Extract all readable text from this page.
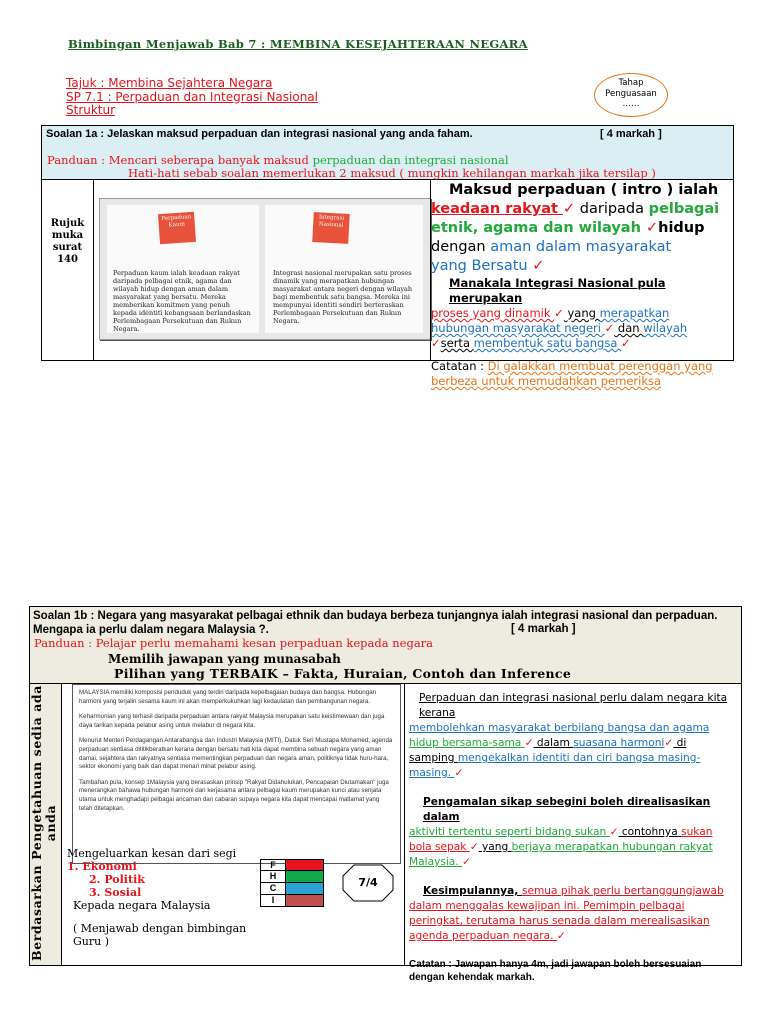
Bimbingan Menjawab Bab 7 : MEMBINA KESEJAHTERAAN NEGARA
Tajuk : Membina Sejahtera Negara
SP 7.1 : Perpaduan dan Integrasi Nasional
Struktur
Tahap
Penguasaan
……
Soalan 1a : Jelaskan maksud perpaduan dan integrasi nasional yang anda faham.	[ 4 markah ]
Panduan : Mencari seberapa banyak maksud perpaduan dan integrasi nasional
Hati-hati sebab soalan memerlukan 2 maksud ( mungkin kehilangan markah jika tersilap )
Rujuk muka surat 140
Perpaduan
Kaum
Perpaduan kaum ialah keadaan rakyat daripada pelbagai etnik, agama dan wilayah hidup dengan aman dalam masyarakat yang bersatu. Mereka memberikan komitmen yang penuh kepada identiti kebangsaan berlandaskan Perlembagaan Persekutuan dan Rukun Negara.
Integrasi
Nasional
Integrasi nasional merupakan satu proses dinamik yang merapatkan hubungan masyarakat antara negeri dengan wilayah bagi membentuk satu bangsa. Mereka ini mempunyai identiti sendiri berteraskan Perlembagaan Persekutuan dan Rukun Negara.
Maksud perpaduan ( intro ) ialah
keadaan rakyat ✓ daripada pelbagai
etnik, agama dan wilayah ✓hidup
dengan aman dalam masyarakat
yang Bersatu ✓
Manakala Integrasi Nasional pula merupakan
proses yang dinamik ✓ yang merapatkan
hubungan masyarakat negeri ✓ dan wilayah
✓serta membentuk satu bangsa ✓
Catatan : Di galakkan membuat perenggan yang
berbeza untuk memudahkan pemeriksa
Soalan 1b : Negara yang masyarakat pelbagai ethnik dan budaya berbeza tunjangnya ialah integrasi nasional dan perpaduan.
Mengapa ia perlu dalam negara Malaysia ?.	[ 4 markah ]
Panduan : Pelajar perlu memahami kesan perpaduan kepada negara
Memilih jawapan yang munasabah
Pilihan yang TERBAIK – Fakta, Huraian, Contoh dan Inference
Berdasarkan Pengetahuan sedia ada anda
MALAYSIA memiliki komposisi penduduk yang terdiri daripada kepelbagaian budaya dan bangsa. Hubungan harmoni yang terjalin sesama kaum ini akan memperkukuhkan lagi kedaulatan dan pembangunan negara.
Keharmonian yang terhasil daripada perpaduan antara rakyat Malaysia merupakan satu keistimewaan dan juga daya tarikan kepada pelabur asing untuk melabur di negara kita.
Menurut Menteri Perdagangan Antarabangsa dan Industri Malaysia (MITI), Datuk Seri Mustapa Mohamed, agenda perpaduan sentiasa dititikberatkan kerana dengan bersatu hati kita dapat membina sebuah negara yang aman damai, sejahtera dan rakyatnya sentiasa mementingkan perpaduan dan negara aman, politiknya tidak huru-hara, sektor ekonomi yang baik dan dapat menari minat pelabur asing.
Tambahan pula, konsep 1Malaysia yang berasaskan prinsip "Rakyat Didahulukan, Pencapaian Diutamakan" juga menerangkan bahawa hubungan harmoni dan kerjasama antara pelbagai kaum merupakan kunci atau senjata utama untuk menghadapi pelbagai ancaman dan cabaran supaya negara kita dapat mencapai matlamat yang telah ditetapkan.
Mengeluarkan kesan dari segi
1. Ekonomi
2. Politik
3. Sosial
Kepada negara Malaysia
( Menjawab dengan bimbingan Guru )
F
H
C
I
7/4
Perpaduan dan integrasi nasional perlu dalam negara kita kerana
membolehkan masyarakat berbilang bangsa dan agama
hidup bersama-sama ✓ dalam suasana harmoni✓ di
samping mengekalkan identiti dan ciri bangsa masing-
masing. ✓
Pengamalan sikap sebegini boleh direalisasikan dalam
aktiviti tertentu seperti bidang sukan ✓ contohnya sukan
bola sepak ✓ yang berjaya merapatkan hubungan rakyat
Malaysia. ✓
Kesimpulannya, semua pihak perlu bertanggungjawab
dalam menggalas kewajipan ini. Pemimpin pelbagai
peringkat, terutama harus senada dalam merealisasikan
agenda perpaduan negara. ✓
Catatan : Jawapan hanya 4m, jadi jawapan boleh bersesuaian dengan kehendak markah.
